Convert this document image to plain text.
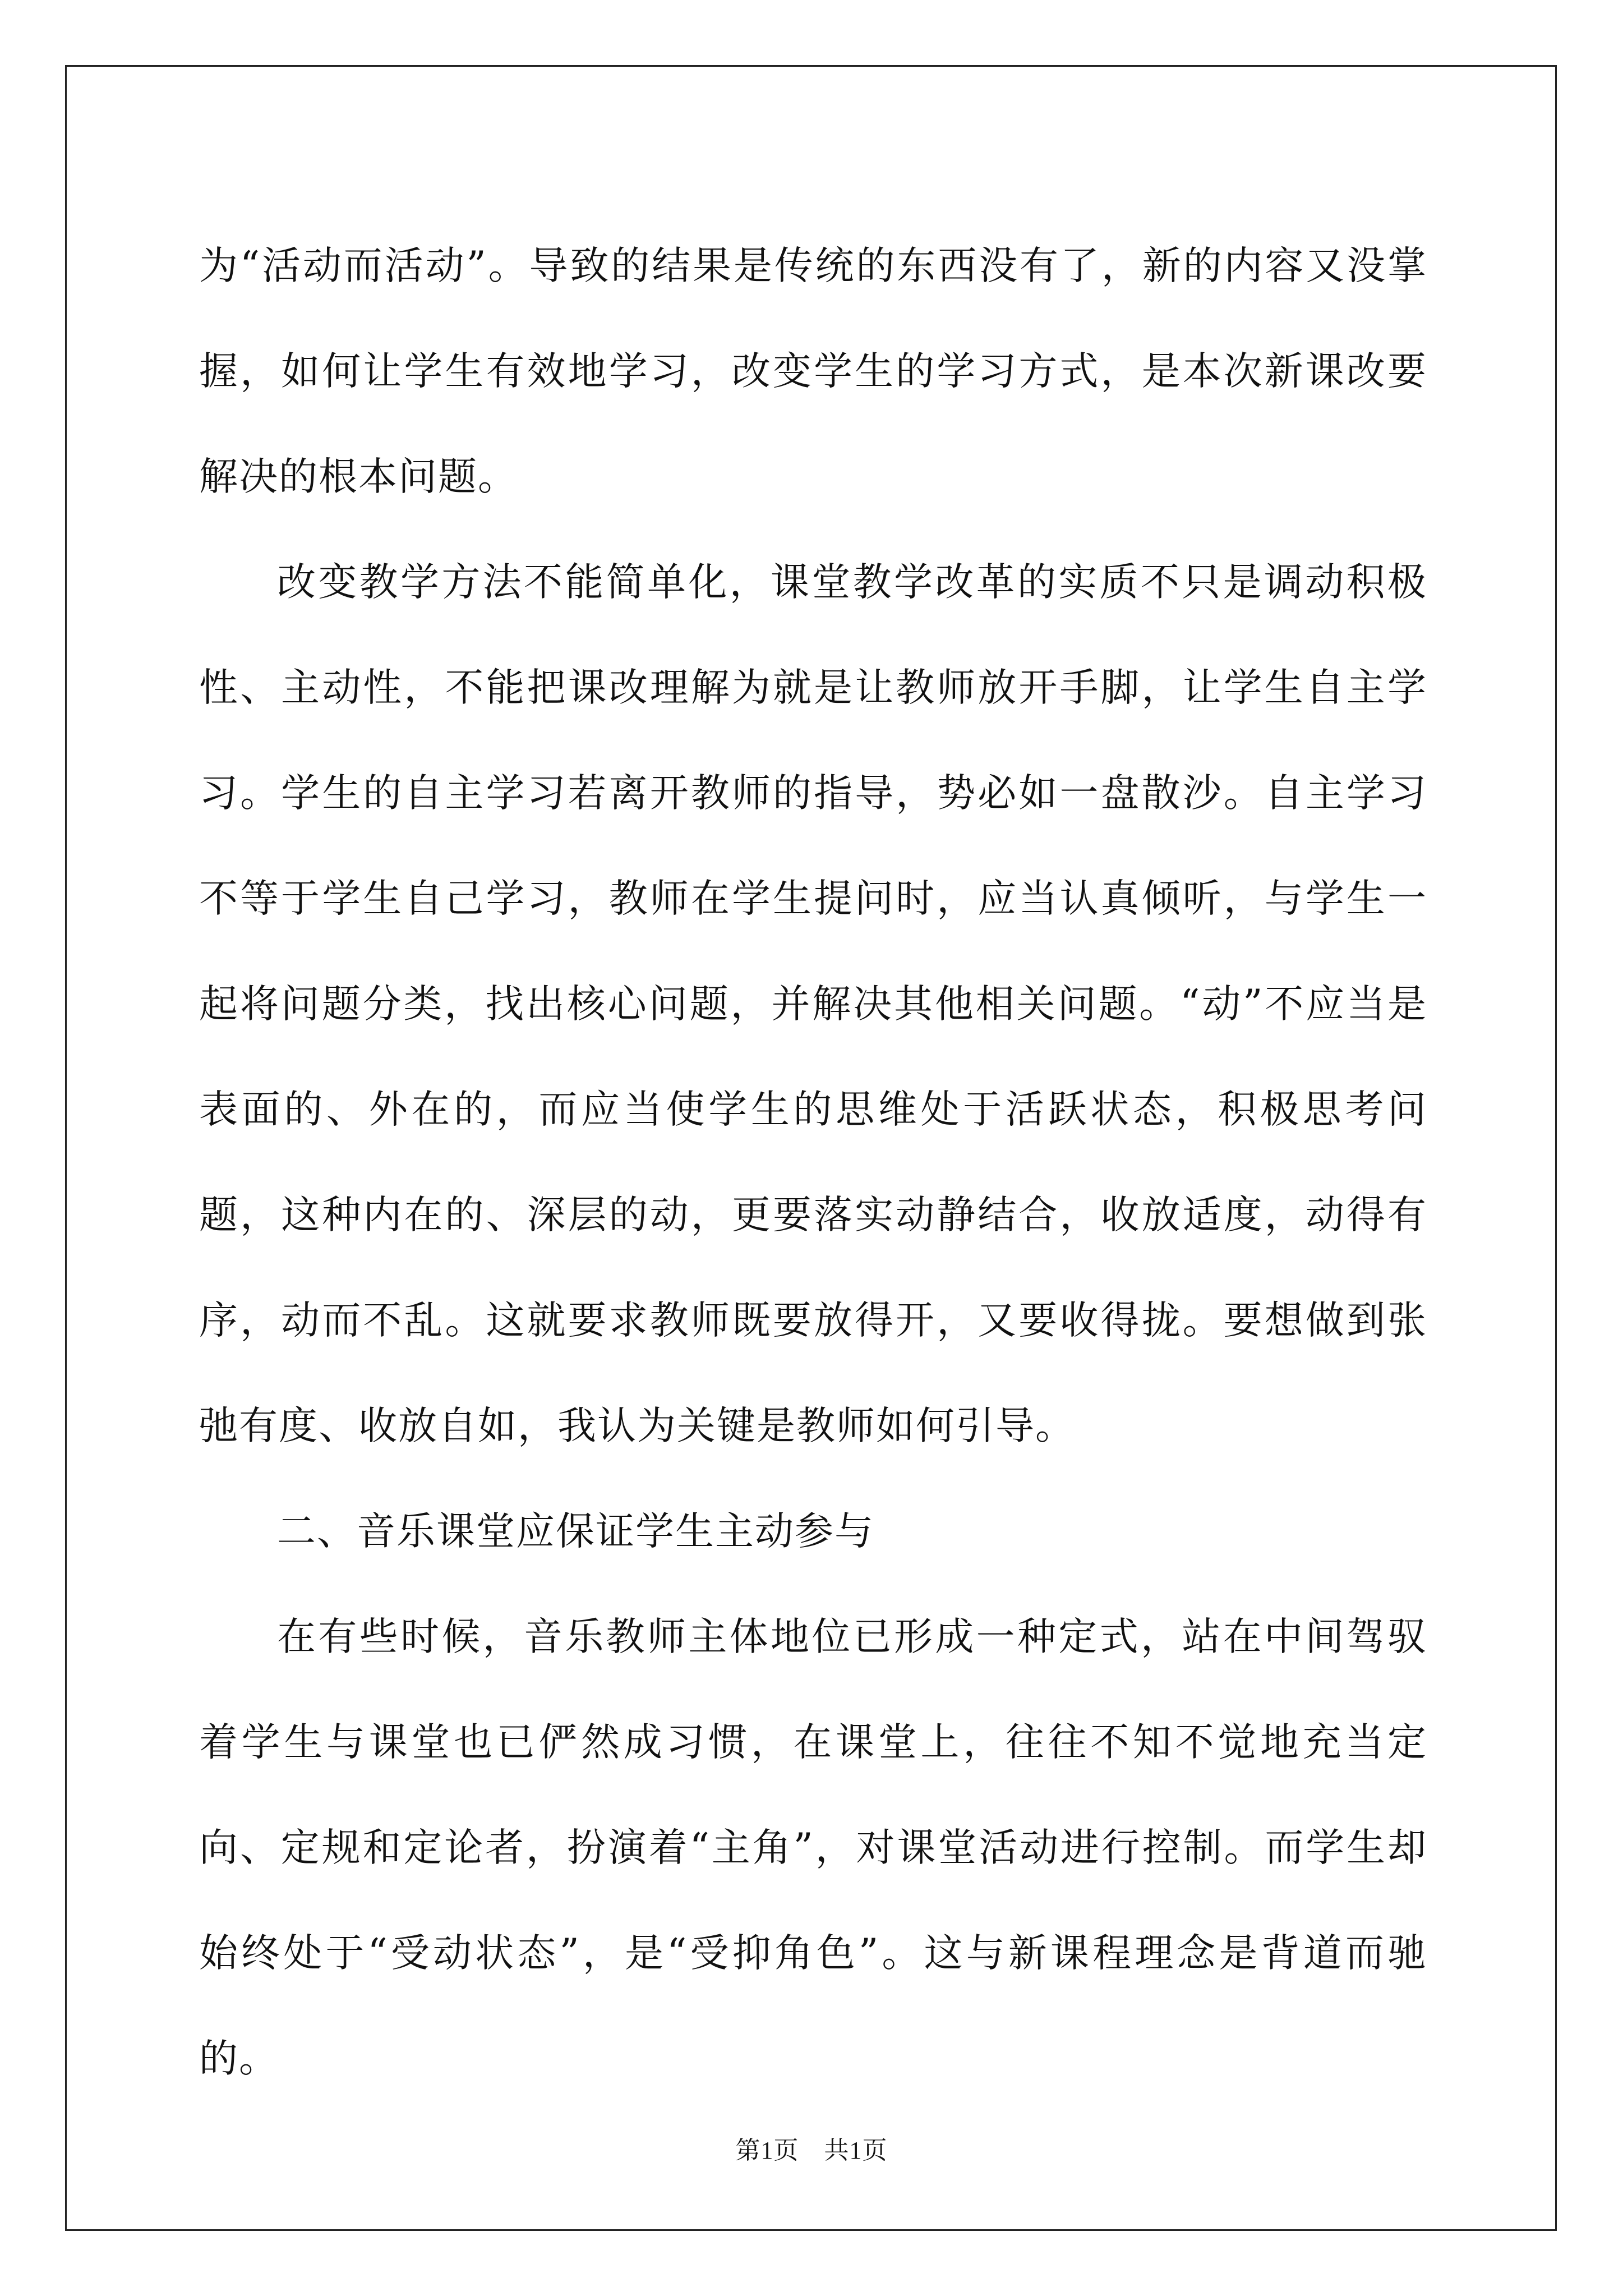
为“活动而活动”。导致的结果是传统的东西没有了，新的内容又没掌握，如何让学生有效地学习，改变学生的学习方式，是本次新课改要解决的根本问题。

改变教学方法不能简单化，课堂教学改革的实质不只是调动积极性、主动性，不能把课改理解为就是让教师放开手脚，让学生自主学习。学生的自主学习若离开教师的指导，势必如一盘散沙。自主学习不等于学生自己学习，教师在学生提问时，应当认真倾听，与学生一起将问题分类，找出核心问题，并解决其他相关问题。“动”不应当是表面的、外在的，而应当使学生的思维处于活跃状态，积极思考问题，这种内在的、深层的动，更要落实动静结合，收放适度，动得有序，动而不乱。这就要求教师既要放得开，又要收得拢。要想做到张弛有度、收放自如，我认为关键是教师如何引导。

二、音乐课堂应保证学生主动参与

在有些时候，音乐教师主体地位已形成一种定式，站在中间驾驭着学生与课堂也已俨然成习惯，在课堂上，往往不知不觉地充当定向、定规和定论者，扮演着“主角”，对课堂活动进行控制。而学生却始终处于“受动状态”，是“受抑角色”。这与新课程理念是背道而驰的。

第1页　共1页
